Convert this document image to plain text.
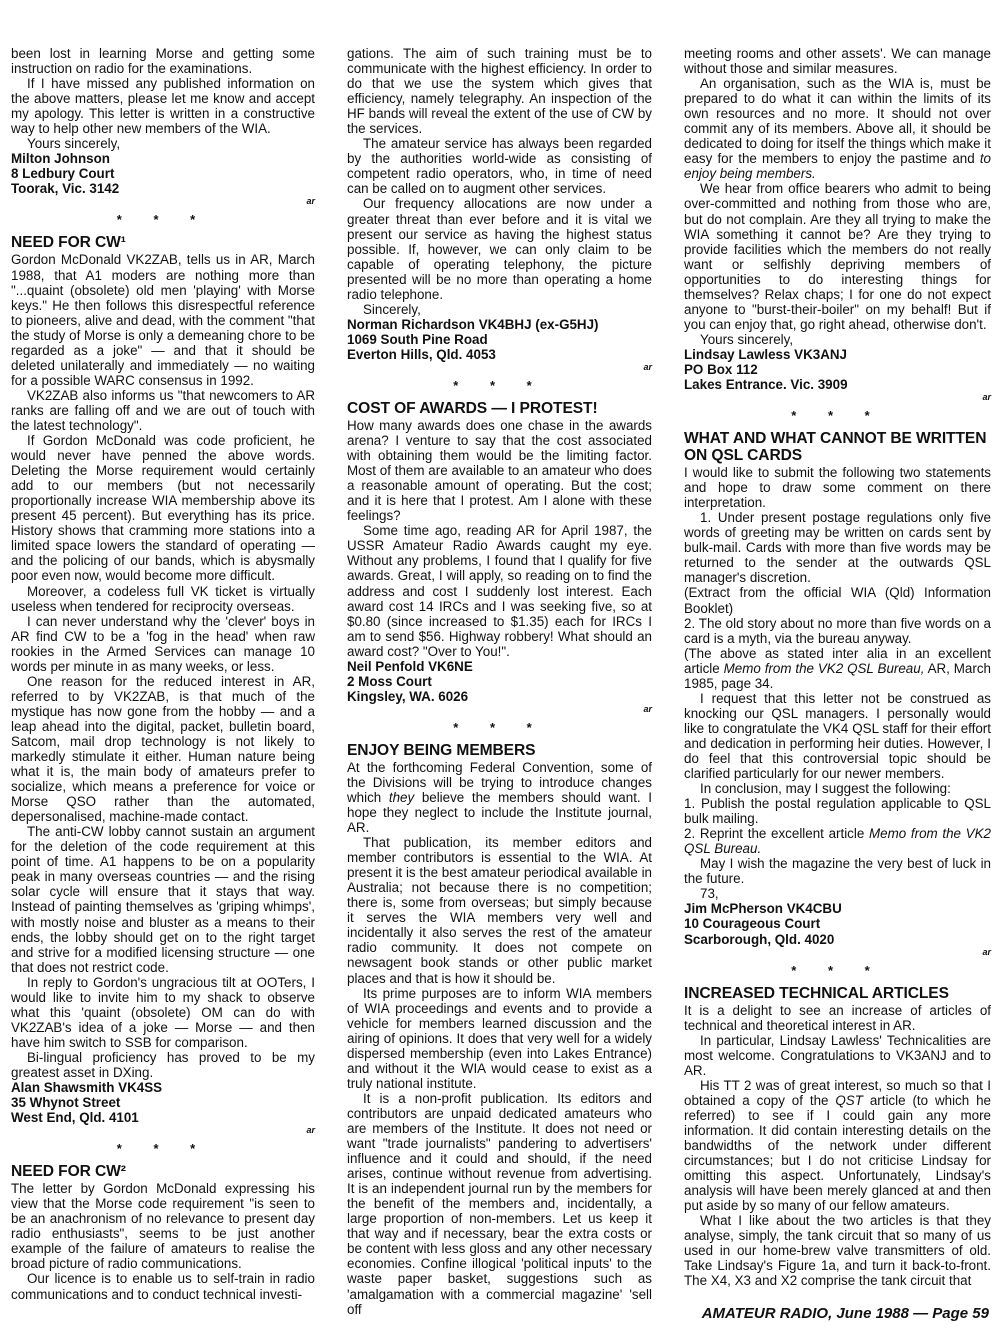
been lost in learning Morse and getting some instruction on radio for the examinations.

If I have missed any published information on the above matters, please let me know and accept my apology. This letter is written in a constructive way to help other new members of the WIA.

Yours sincerely,

Milton Johnson

8 Ledbury Court

Toorak, Vic. 3142

ar
* * *
NEED FOR CW¹

Gordon McDonald VK2ZAB, tells us in AR, March 1988, that A1 moders are nothing more than "...quaint (obsolete) old men 'playing' with Morse keys." He then follows this disrespectful reference to pioneers, alive and dead, with the comment "that the study of Morse is only a demeaning chore to be regarded as a joke" — and that it should be deleted unilaterally and immediately — no waiting for a possible WARC consensus in 1992.

VK2ZAB also informs us "that newcomers to AR ranks are falling off and we are out of touch with the latest technology".

If Gordon McDonald was code proficient, he would never have penned the above words. Deleting the Morse requirement would certainly add to our members (but not necessarily proportionally increase WIA membership above its present 45 percent). But everything has its price. History shows that cramming more stations into a limited space lowers the standard of operating — and the policing of our bands, which is abysmally poor even now, would become more difficult.

Moreover, a codeless full VK ticket is virtually useless when tendered for reciprocity overseas.

I can never understand why the 'clever' boys in AR find CW to be a 'fog in the head' when raw rookies in the Armed Services can manage 10 words per minute in as many weeks, or less.

One reason for the reduced interest in AR, referred to by VK2ZAB, is that much of the mystique has now gone from the hobby — and a leap ahead into the digital, packet, bulletin board, Satcom, mail drop technology is not likely to markedly stimulate it either. Human nature being what it is, the main body of amateurs prefer to socialize, which means a preference for voice or Morse QSO rather than the automated, depersonalised, machine-made contact.

The anti-CW lobby cannot sustain an argument for the deletion of the code requirement at this point of time. A1 happens to be on a popularity peak in many overseas countries — and the rising solar cycle will ensure that it stays that way. Instead of painting themselves as 'griping whimps', with mostly noise and bluster as a means to their ends, the lobby should get on to the right target and strive for a modified licensing structure — one that does not restrict code.

In reply to Gordon's ungracious tilt at OOTers, I would like to invite him to my shack to observe what this 'quaint (obsolete) OM can do with VK2ZAB's idea of a joke — Morse — and then have him switch to SSB for comparison.

Bi-lingual proficiency has proved to be my greatest asset in DXing.

Alan Shawsmith VK4SS

35 Whynot Street

West End, Qld. 4101

ar
* * *
NEED FOR CW²

The letter by Gordon McDonald expressing his view that the Morse code requirement "is seen to be an anachronism of no relevance to present day radio enthusiasts", seems to be just another example of the failure of amateurs to realise the broad picture of radio communications.

Our licence is to enable us to self-train in radio communications and to conduct technical investi-

gations. The aim of such training must be to communicate with the highest efficiency. In order to do that we use the system which gives that efficiency, namely telegraphy. An inspection of the HF bands will reveal the extent of the use of CW by the services.

The amateur service has always been regarded by the authorities world-wide as consisting of competent radio operators, who, in time of need can be called on to augment other services.

Our frequency allocations are now under a greater threat than ever before and it is vital we present our service as having the highest status possible. If, however, we can only claim to be capable of operating telephony, the picture presented will be no more than operating a home radio telephone.

Sincerely,

Norman Richardson VK4BHJ (ex-G5HJ)

1069 South Pine Road

Everton Hills, Qld. 4053

ar
* * *
COST OF AWARDS — I PROTEST!

How many awards does one chase in the awards arena? I venture to say that the cost associated with obtaining them would be the limiting factor. Most of them are available to an amateur who does a reasonable amount of operating. But the cost; and it is here that I protest. Am I alone with these feelings?

Some time ago, reading AR for April 1987, the USSR Amateur Radio Awards caught my eye. Without any problems, I found that I qualify for five awards. Great, I will apply, so reading on to find the address and cost I suddenly lost interest. Each award cost 14 IRCs and I was seeking five, so at $0.80 (since increased to $1.35) each for IRCs I am to send $56. Highway robbery! What should an award cost? "Over to You!".

Neil Penfold VK6NE

2 Moss Court

Kingsley, WA. 6026

ar
* * *
ENJOY BEING MEMBERS

At the forthcoming Federal Convention, some of the Divisions will be trying to introduce changes which they believe the members should want. I hope they neglect to include the Institute journal, AR.

That publication, its member editors and member contributors is essential to the WIA. At present it is the best amateur periodical available in Australia; not because there is no competition; there is, some from overseas; but simply because it serves the WIA members very well and incidentally it also serves the rest of the amateur radio community. It does not compete on newsagent book stands or other public market places and that is how it should be.

Its prime purposes are to inform WIA members of WIA proceedings and events and to provide a vehicle for members learned discussion and the airing of opinions. It does that very well for a widely dispersed membership (even into Lakes Entrance) and without it the WIA would cease to exist as a truly national institute.

It is a non-profit publication. Its editors and contributors are unpaid dedicated amateurs who are members of the Institute. It does not need or want "trade journalists" pandering to advertisers' influence and it could and should, if the need arises, continue without revenue from advertising. It is an independent journal run by the members for the benefit of the members and, incidentally, a large proportion of non-members. Let us keep it that way and if necessary, bear the extra costs or be content with less gloss and any other necessary economies. Confine illogical 'political inputs' to the waste paper basket, suggestions such as 'amalgamation with a commercial magazine' 'sell off

meeting rooms and other assets'. We can manage without those and similar measures.

An organisation, such as the WIA is, must be prepared to do what it can within the limits of its own resources and no more. It should not over commit any of its members. Above all, it should be dedicated to doing for itself the things which make it easy for the members to enjoy the pastime and to enjoy being members.

We hear from office bearers who admit to being over-committed and nothing from those who are, but do not complain. Are they all trying to make the WIA something it cannot be? Are they trying to provide facilities which the members do not really want or selfishly depriving members of opportunities to do interesting things for themselves? Relax chaps; I for one do not expect anyone to "burst-their-boiler" on my behalf! But if you can enjoy that, go right ahead, otherwise don't.

Yours sincerely,

Lindsay Lawless VK3ANJ

PO Box 112

Lakes Entrance. Vic. 3909

ar
* * *
WHAT AND WHAT CANNOT BE WRITTEN ON QSL CARDS

I would like to submit the following two statements and hope to draw some comment on there interpretation.

1. Under present postage regulations only five words of greeting may be written on cards sent by bulk-mail. Cards with more than five words may be returned to the sender at the outwards QSL manager's discretion.

(Extract from the official WIA (Qld) Information Booklet)

2. The old story about no more than five words on a card is a myth, via the bureau anyway.

(The above as stated inter alia in an excellent article Memo from the VK2 QSL Bureau, AR, March 1985, page 34.

I request that this letter not be construed as knocking our QSL managers. I personally would like to congratulate the VK4 QSL staff for their effort and dedication in performing heir duties. However, I do feel that this controversial topic should be clarified particularly for our newer members.

In conclusion, may I suggest the following:

1. Publish the postal regulation applicable to QSL bulk mailing.

2. Reprint the excellent article Memo from the VK2 QSL Bureau.

May I wish the magazine the very best of luck in the future.

73,

Jim McPherson VK4CBU

10 Courageous Court

Scarborough, Qld. 4020

ar
* * *
INCREASED TECHNICAL ARTICLES

It is a delight to see an increase of articles of technical and theoretical interest in AR.

In particular, Lindsay Lawless' Technicalities are most welcome. Congratulations to VK3ANJ and to AR.

His TT 2 was of great interest, so much so that I obtained a copy of the QST article (to which he referred) to see if I could gain any more information. It did contain interesting details on the bandwidths of the network under different circumstances; but I do not criticise Lindsay for omitting this aspect. Unfortunately, Lindsay's analysis will have been merely glanced at and then put aside by so many of our fellow amateurs.

What I like about the two articles is that they analyse, simply, the tank circuit that so many of us used in our home-brew valve transmitters of old. Take Lindsay's Figure 1a, and turn it back-to-front. The X4, X3 and X2 comprise the tank circuit that

AMATEUR RADIO, June 1988 — Page 59
